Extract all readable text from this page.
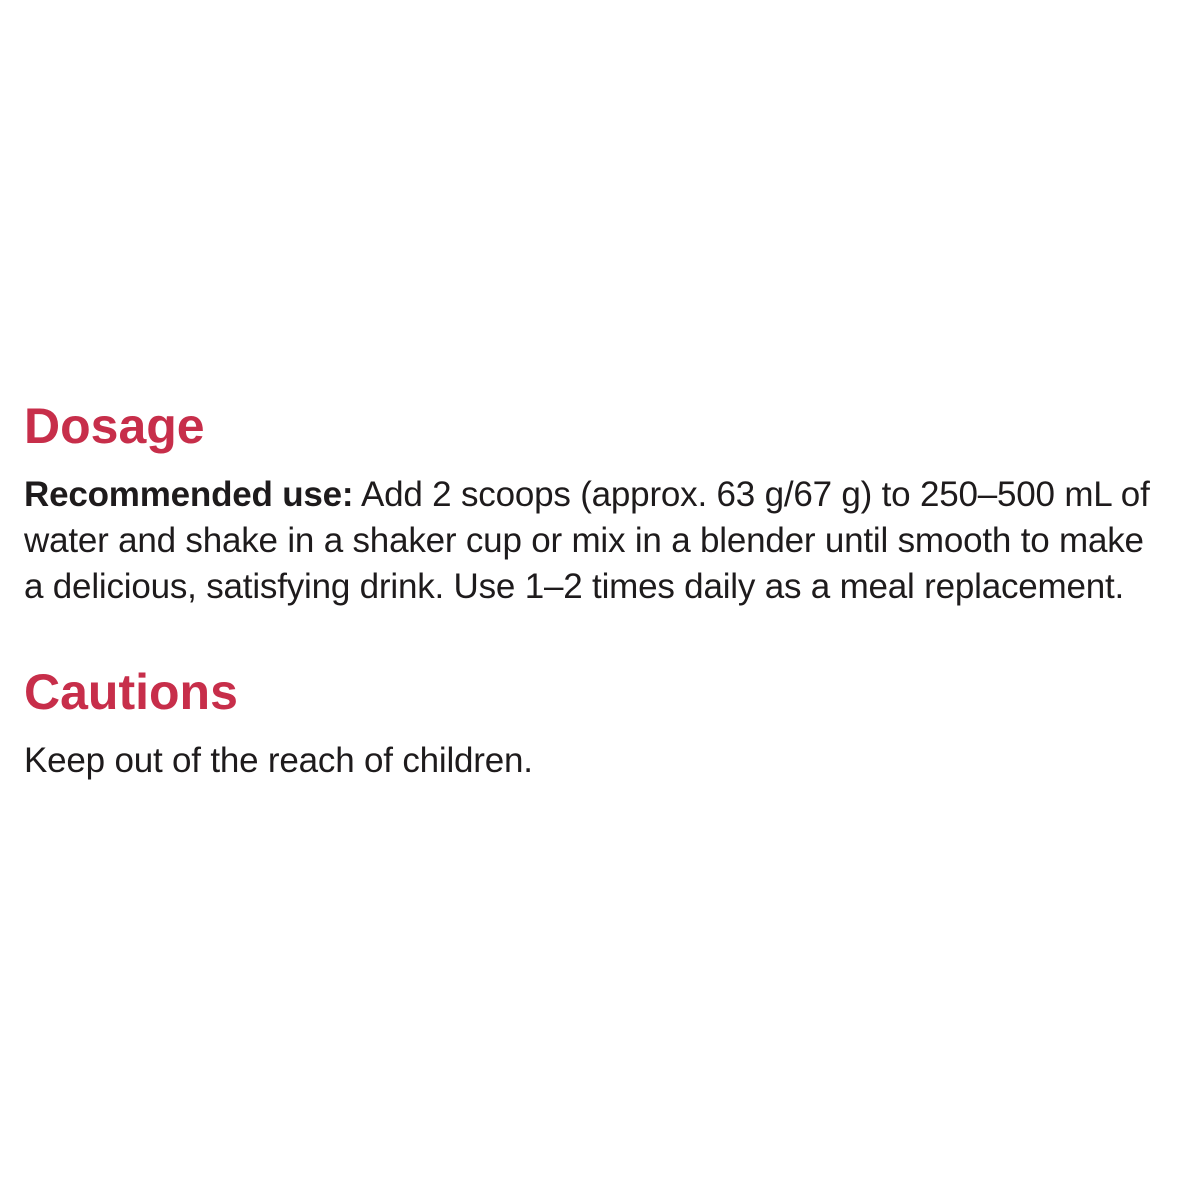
Dosage

Recommended use: Add 2 scoops (approx. 63 g/67 g) to 250–500 mL of
water and shake in a shaker cup or mix in a blender until smooth to make
a delicious, satisfying drink. Use 1–2 times daily as a meal replacement.

Cautions

Keep out of the reach of children.
